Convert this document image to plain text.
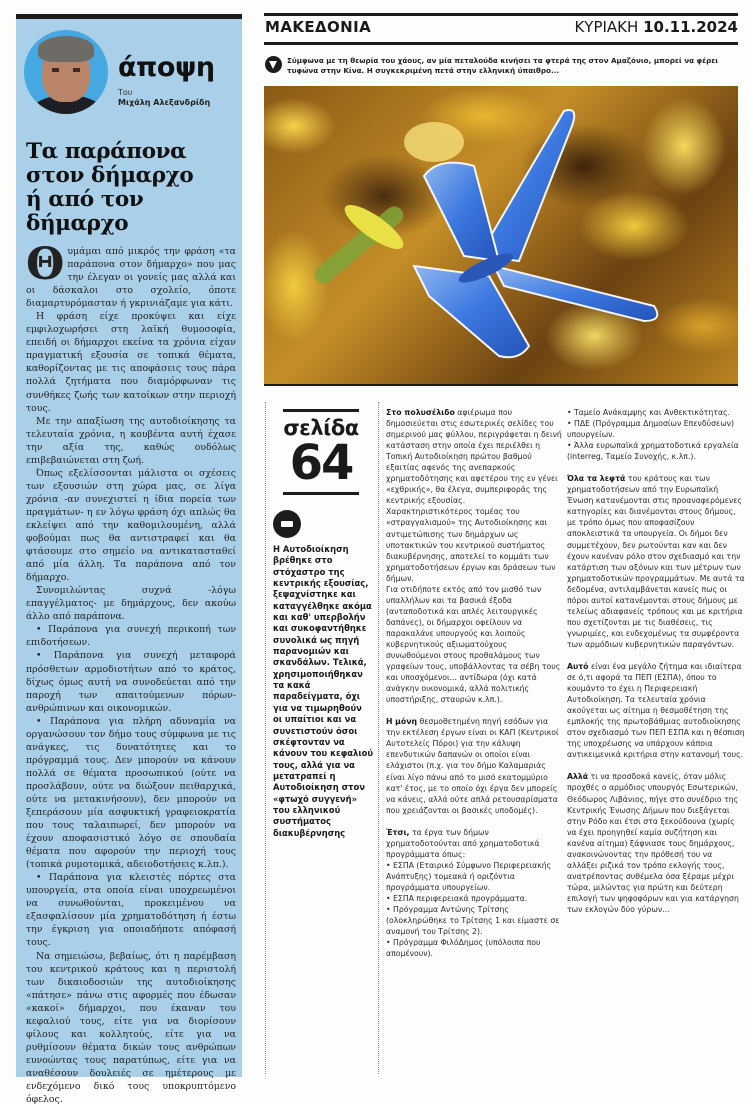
άποψη
Του
Μιχάλη Αλεξανδρίδη
Τα παράπονα
στον δήμαρχο
ή από τον δήμαρχο

Θυμάμαι από μικρός την φράση «τα παράπονα στον δήμαρχο» που μας την έλεγαν οι γονείς μας αλλά και οι δάσκαλοι στο σχολείο, όποτε διαμαρτυρόμασταν ή γκρινιάζαμε για κάτι.

Η φράση είχε προκύψει και είχε εμφιλοχωρήσει στη λαϊκή θυμοσοφία, επειδή οι δήμαρχοι εκείνα τα χρόνια είχαν πραγματική εξουσία σε τοπικά θέματα, καθορίζοντας με τις αποφάσεις τους πάρα πολλά ζητήματα που διαμόρφωναν τις συνθήκες ζωής των κατοίκων στην περιοχή τους.

Με την απαξίωση της αυτοδιοίκησης τα τελευταία χρόνια, η κουβέντα αυτή έχασε την αξία της, καθώς ουδόλως επιβεβαιώνεται στη ζωή.

Όπως εξελίσσονται μάλιστα οι σχέσεις των εξουσιών στη χώρα μας, σε λίγα χρόνια -αν συνεχιστεί η ίδια πορεία των πραγμάτων- η εν λόγω φράση όχι απλώς θα εκλείψει από την καθομιλουμένη, αλλά φοβούμαι πως θα αντιστραφεί και θα φτάσουμε στο σημείο να αντικατασταθεί από μία άλλη. Τα παράπονα από τον δήμαρχο.

Συνομιλώντας συχνά -λόγω επαγγέλματος- με δημάρχους, δεν ακούω άλλο από παράπονα.

• Παράπονα για συνεχή περικοπή των επιδοτήσεων.

• Παράπονα για συνεχή μεταφορά πρόσθετων αρμοδιοτήτων από το κράτος, δίχως όμως αυτή να συνοδεύεται από την παροχή των απαιτούμενων πόρων-ανθρώπινων και οικονομικών.

• Παράπονα για πλήρη αδυναμία να οργανώσουν τον δήμο τους σύμφωνα με τις ανάγκες, τις δυνατότητες και το πρόγραμμά τους. Δεν μπορούν να κάνουν πολλά σε θέματα προσωπικού (ούτε να προσλάβουν, ούτε να διώξουν πειθαρχικά, ούτε να μετακινήσουν), δεν μπορούν να ξεπεράσουν μία ασφυκτική γραφειοκρατία που τους ταλαιπωρεί, δεν μπορούν να έχουν αποφασιστικό λόγο σε σπουδαία θέματα που αφορούν την περιοχή τους (τοπικά ρυμοτομικά, αδειοδοτήσεις κ.λπ.).

• Παράπονα για κλειστές πόρτες στα υπουργεία, στα οποία είναι υποχρεωμένοι να συνωθούνται, προκειμένου να εξασφαλίσουν μία χρηματοδότηση ή έστω την έγκριση για οποιαδήποτε απόφασή τους.

Να σημειώσω, βεβαίως, ότι η παρέμβαση του κεντρικού κράτους και η περιστολή των δικαιοδοσιών της αυτοδιοίκησης «πάτησε» πάνω στις αφορμές που έδωσαν «κακοί» δήμαρχοι, που έκαναν του κεφαλιού τους, είτε για να διορίσουν φίλους και κολλητούς, είτε για να ρυθμίσουν θέματα δικών τους ανθρώπων ευνοώντας τους παρατύπως, είτε για να αναθέσουν δουλειές σε ημέτερους με ενδεχόμενο δικό τους υποκρυπτόμενο όφελος.

ΜΑΚΕΔΟΝΙΑ	ΚΥΡΙΑΚΗ 10.11.2024
Σύμφωνα με τη θεωρία του χάους, αν μία πεταλούδα κινήσει τα φτερά της στον Αμαζόνιο, μπορεί να φέρει τυφώνα στην Κίνα. Η συγκεκριμένη πετά στην ελληνική ύπαιθρο...
σελίδα
64
Η Αυτοδιοίκηση βρέθηκε στο στόχαστρο της κεντρικής εξουσίας, ξεψαχνίστηκε και καταγγέλθηκε ακόμα και καθ' υπερβολήν και συκοφαντήθηκε συνολικά ως πηγή παρανομιών και σκανδάλων. Τελικά, χρησιμοποιήθηκαν τα κακά παραδείγματα, όχι για να τιμωρηθούν οι υπαίτιοι και να συνετιστούν όσοι σκέφτονταν να κάνουν του κεφαλιού τους, αλλά για να μετατραπεί η Αυτοδιοίκηση στον «φτωχό συγγενή» του ελληνικού συστήματος διακυβέρνησης

Στο πολυσέλιδο αφιέρωμα που δημοσιεύεται στις εσωτερικές σελίδες του σημερινού μας φύλλου, περιγράφεται η δεινή κατάσταση στην οποία έχει περιέλθει η Τοπική Αυτοδιοίκηση πρώτου βαθμού εξαιτίας αφενός της ανεπαρκούς χρηματοδότησης και αφετέρου της εν γένει «εχθρικής», θα έλεγα, συμπεριφοράς της κεντρικής εξουσίας.

Χαρακτηριστικότερος τομέας του «στραγγαλισμού» της Αυτοδιοίκησης και αντιμετώπισης των δημάρχων ως υποτακτικών του κεντρικού συστήματος διακυβέρνησης, αποτελεί το κομμάτι των χρηματοδοτήσεων έργων και δράσεων των δήμων.

Για οτιδήποτε εκτός από τον μισθό των υπαλλήλων και τα βασικά έξοδα (ανταποδοτικά και απλές λειτουργικές δαπάνες), οι δήμαρχοι οφείλουν να παρακαλάνε υπουργούς και λοιπούς κυβερνητικούς αξιωματούχους συνωθούμενοι στους προθαλάμους των γραφείων τους, υποβάλλοντας τα σέβη τους και υποσχόμενοι... αντίδωρα (όχι κατά ανάγκην οικονομικά, αλλά πολιτικής υποστήριξης, σταυρών κ.λπ.).

Η μόνη θεσμοθετημένη πηγή εσόδων για την εκτέλεση έργων είναι οι ΚΑΠ (Κεντρικοί Αυτοτελείς Πόροι) για την κάλυψη επενδυτικών δαπανών οι οποίοι είναι ελάχιστοι (π.χ. για τον δήμο Καλαμαριάς είναι λίγο πάνω από το μισό εκατομμύριο κατ' έτος, με το οποίο όχι έργα δεν μπορείς να κάνεις, αλλά ούτε απλά ρετουσαρίσματα που χρειάζονται οι βασικές υποδομές).

Έτσι, τα έργα των δήμων χρηματοδοτούνται από χρηματοδοτικά προγράμματα όπως:

• ΕΣΠΑ (Εταιρικό Σύμφωνο Περιφερειακής Ανάπτυξης) τομεακά ή οριζόντια προγράμματα υπουργείων.

• ΕΣΠΑ περιφερειακά προγράμματα.

• Πρόγραμμα Αντώνης Τρίτσης (ολοκληρώθηκε το Τρίτσης 1 και είμαστε σε αναμονή του Τρίτσης 2).

• Πρόγραμμα ΦιλόΔημος (υπόλοιπα που απομένουν).

• Ταμείο Ανάκαμψης και Ανθεκτικότητας.

• ΠΔΕ (Πρόγραμμα Δημοσίων Επενδύσεων) υπουργείων.

• Άλλα ευρωπαϊκά χρηματοδοτικά εργαλεία (interreg, Ταμείο Συνοχής, κ.λπ.).

Όλα τα λεφτά του κράτους και των χρηματοδοτήσεων από την Ευρωπαϊκή Ένωση κατανέμονται στις προαναφερόμενες κατηγορίες και διανέμονται στους δήμους, με τρόπο όμως που αποφασίζουν αποκλειστικά τα υπουργεία. Οι δήμοι δεν συμμετέχουν, δεν ρωτούνται καν και δεν έχουν κανέναν ρόλο στον σχεδιασμό και την κατάρτιση των αξόνων και των μέτρων των χρηματοδοτικών προγραμμάτων. Με αυτά τα δεδομένα, αντιλαμβάνεται κανείς πως οι πόροι αυτοί κατανέμονται στους δήμους με τελείως αδιαφανείς τρόπους και με κριτήρια που σχετίζονται με τις διαθέσεις, τις γνωριμίες, και ενδεχομένως τα συμφέροντα των αρμόδιων κυβερνητικών παραγόντων.

Αυτό είναι ένα μεγάλο ζήτημα και ιδιαίτερα σε ό,τι αφορά τα ΠΕΠ (ΕΣΠΑ), όπου το κουμάντο το έχει η Περιφερειακή Αυτοδιοίκηση. Τα τελευταία χρόνια ακούγεται ως αίτημα η θεσμοθέτηση της εμπλοκής της πρωτοβάθμιας αυτοδιοίκησης στον σχεδιασμό των ΠΕΠ ΕΣΠΑ και η θέσπιση της υποχρέωσης να υπάρχουν κάποια αντικειμενικά κριτήρια στην κατανομή τους.

Αλλά τι να προσδοκά κανείς, όταν μόλις προχθές ο αρμόδιος υπουργός Εσωτερικών, Θεόδωρος Λιβάνιος, πήγε στο συνέδριο της Κεντρικής Ένωσης Δήμων που διεξάγεται στην Ρόδο και έτσι στα ξεκούδουνα (χωρίς να έχει προηγηθεί καμία συζήτηση και κανένα αίτημα) ξάφνιασε τους δημάρχους, ανακοινώνοντας την πρόθεσή του να αλλάξει ριζικά τον τρόπο εκλογής τους, ανατρέποντας συθέμελα όσα ξέραμε μέχρι τώρα, μιλώντας για πρώτη και δεύτερη επιλογή των ψηφοφόρων και για κατάργηση των εκλογών δύο γύρων...
